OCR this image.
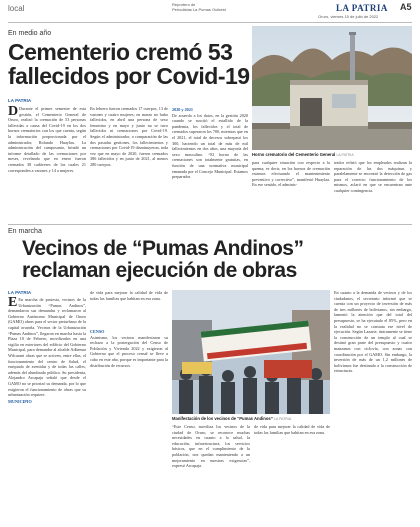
local	Reportero de
Periodistas La Pumas Outkest	LA PATRIA
Oruro, viernes 15 de julio de 2022
A5
En medio año
Cementerio cremó 53
fallecidos por Covid-19
LA PATRIA
D Durante el primer semestre de esta gestión, el Cementerio General de Oruro, realizó la cremación de 53 personas fallecidas a causa del Covid-19 en los dos hornos crematorios con los que cuenta, según la información proporcionada por el administrador, Rolando Huaylaa. La administración del camposanto, brindó un informe detallado de las cremaciones por meses, revelando que en enero fueron cremados 38 cadáveres de los cuales 21 corresponden a varones y 14 a mujeres.
En febrero fueron cremados 17 cuerpos, 13 de varones y cuatro mujeres; en marzo no hubo fallecidos, en abril una persona de sexo femenino y en mayo y junio no se tuvo fallecidos ni cremaciones por Covid-19. Según el administrador, a comparación de las dos pasadas gestiones, los fallecimientos y cremaciones por Covid-19 disminuyeron, toda vez que en mayo de 2020, fueron cremados 386 fallecidos y en junio de 2021, al menos 280 cuerpos.
2020 y 2021
De acuerdo a los datos, en la gestión 2020 cuando se suscitó el estallido de la pandemia, los fallecidos y el total de cremados superaron los 700, mientras que en el 2021, el total de decesos sobrepasó los 300, haciendo un total de más de mil fallecimientos en dos años, una mayoría del sexo masculino. “El horno de las cremaciones son totalmente gratuitas, en función de una normativa municipal emanada por el Concejo Municipal. Estamos preparados
Horno crematorio del Cementerio General LA PATRIA
para cualquier situación con respecto a la quema; es decir, en los hornos de cremación estamos efectuando el mantenimiento preventivo y correctivo”, manifestó Huaylaa. En ese sentido, el adminis-
trador refirió que los empleados realizan la reparación de las dos máquinas y paralelamente se encontró la detección de gas para el correcto funcionamiento de los mismos, aclaró en que se encuentran ante cualquier contingencia.
En marcha
Vecinos de “Pumas Andinos”
reclaman ejecución de obras
LA PATRIA
E En marcha de protesta, vecinos de la Urbanización “Pumas Andinos”, demandaron sus demandas y reclamaron al Gobierno Autónomo Municipal de Oruro (GAMO) obras para el sector periurbano de la capital oruroña. Vecinos de la Urbanización “Pumas Andinos”, llegaron en marcha hasta la Plaza 10 de Febrero, movilizados en una vigilia en exteriores del edificio del Gobierno Municipal, para demandar al alcalde Adhemar Wilcarani obras que se activen, entre ellas, el funcionamiento del centro de Salud, el enripiado de avenidas y de todas las calles, además del alumbrado público. Su presidenta, Alejandro Arcapaja señaló que desde el GAMO no se priorizó su demanda, por lo que exigieron el funcionamiento de obras que su urbanización requiere.
MUNICIPIO
de vida para mejorar la calidad de vida de todas las familias que habitan en esa zona.
Manifestación de los vecinos de “Pumas Andinos” LA PATRIA
CENSO
Asimismo, los vecinos manifestaron su rechazo a la postergación del Censo de Población y Vivienda 2022 y exigieron al Gobierno que el proceso censal se lleve a cabo en este año, porque es importante para la distribución de recursos.
“Este Censo, moviliza los vecinos de la ciudad de Oruro, se reconoce muchas necesidades en cuanto a la salud, la educación, infraestructura, los servicios básicos, que en el cumplimiento de la población, nos quedan manteniendo a un mejoramiento en nuestras exigencias”, expresó Arcapaja.
de vida para mejorar la calidad de vida de todas las familias que habitan en esa zona.
En cuanto a la demanda de vecinos y de los ciudadanos, el secretario informó que se cuenta con un proyecto de inversión de más de tres millones de bolivianos, sin embargo, lamentó la atención que del total del presupuesto, se ha ejecutado el 85%, pero en la realidad no se constata ese nivel de ejecución. Según Lazarte, únicamente se tiene la construcción de un templo al cual se destinó gran parte del presupuesto y cuatro manzanas con ciclovía, con zonas con coordinación por el GAMO. Sin embargo, la inversión de más de un 1,2 millones de bolivianos fue destinado a la construcción de estructuras.
